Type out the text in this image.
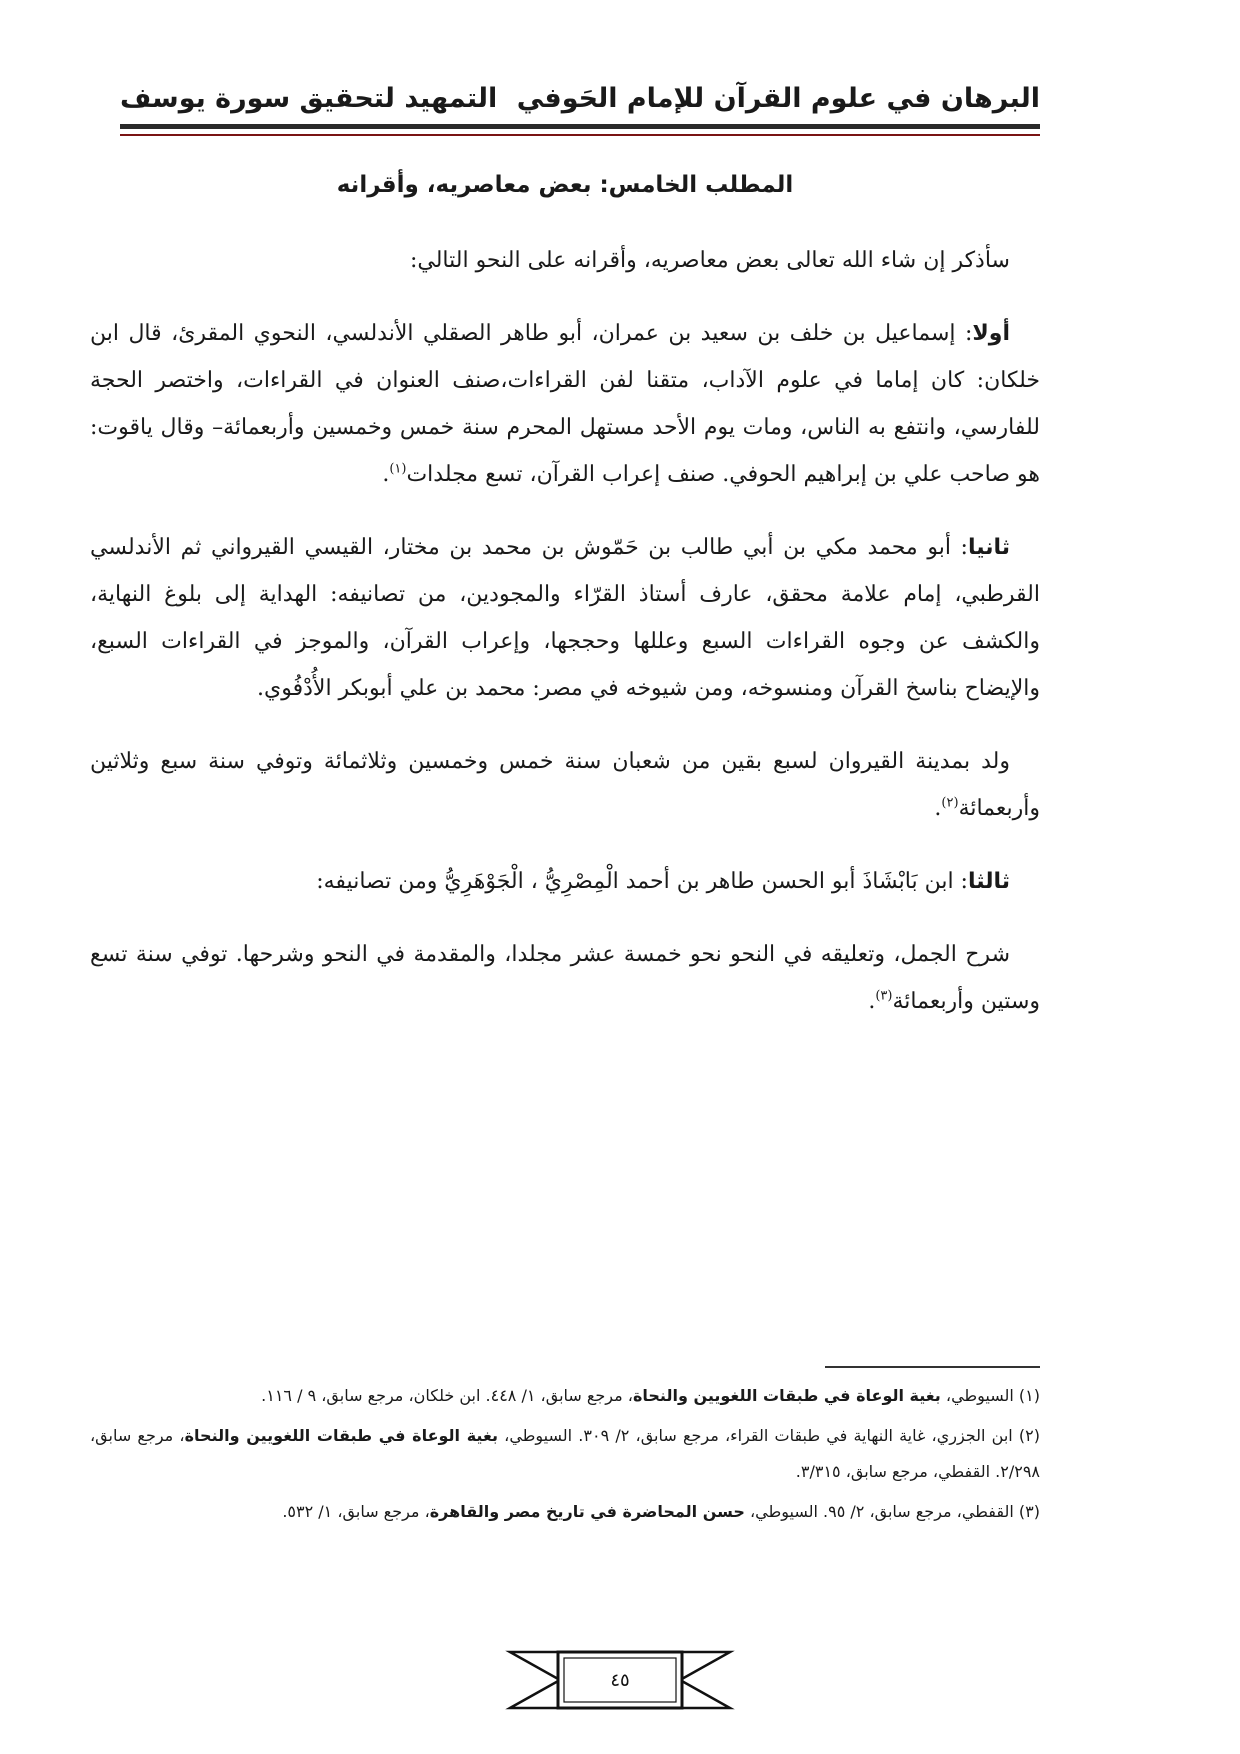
البرهان في علوم القرآن للإمام الحَوفي
التمهيد لتحقيق سورة يوسف
المطلب الخامس: بعض معاصريه، وأقرانه

سأذكر إن شاء الله تعالى بعض معاصريه، وأقرانه على النحو التالي:

أولا: إسماعيل بن خلف بن سعيد بن عمران، أبو طاهر الصقلي الأندلسي، النحوي المقرئ، قال ابن خلكان: كان إماما في علوم الآداب، متقنا لفن القراءات،صنف العنوان في القراءات، واختصر الحجة للفارسي، وانتفع به الناس، ومات يوم الأحد مستهل المحرم سنة خمس وخمسين وأربعمائة– وقال ياقوت: هو صاحب علي بن إبراهيم الحوفي. صنف إعراب القرآن، تسع مجلدات$^{(١)}$.

ثانيا: أبو محمد مكي بن أبي طالب بن حَمّوش بن محمد بن مختار، القيسي القيرواني ثم الأندلسي القرطبي، إمام علامة محقق، عارف أستاذ القرّاء والمجودين، من تصانيفه: الهداية إلى بلوغ النهاية، والكشف عن وجوه القراءات السبع وعللها وحججها، وإعراب القرآن، والموجز في القراءات السبع، والإيضاح بناسخ القرآن ومنسوخه، ومن شيوخه في مصر: محمد بن علي أبوبكر الأُدْفُوي.

ولد بمدينة القيروان لسبع بقين من شعبان سنة خمس وخمسين وثلاثمائة وتوفي سنة سبع وثلاثين وأربعمائة$^{(٢)}$.

ثالثا: ابن بَابْشَاذَ أبو الحسن طاهر بن أحمد الْمِصْرِيُّ ، الْجَوْهَرِيُّ ومن تصانيفه:

شرح الجمل، وتعليقه في النحو نحو خمسة عشر مجلدا، والمقدمة في النحو وشرحها. توفي سنة تسع وستين وأربعمائة$^{(٣)}$.

(١) السيوطي، بغية الوعاة في طبقات اللغويين والنحاة، مرجع سابق، ١/ ٤٤٨. ابن خلكان، مرجع سابق، ٩ / ١١٦.

(٢) ابن الجزري، غاية النهاية في طبقات القراء، مرجع سابق، ٢/ ٣٠٩. السيوطي، بغية الوعاة في طبقات اللغويين والنحاة، مرجع سابق، ٢/٢٩٨. القفطي، مرجع سابق، ٣/٣١٥.

(٣) القفطي، مرجع سابق، ٢/ ٩٥. السيوطي، حسن المحاضرة في تاريخ مصر والقاهرة، مرجع سابق، ١/ ٥٣٢.

٤٥
